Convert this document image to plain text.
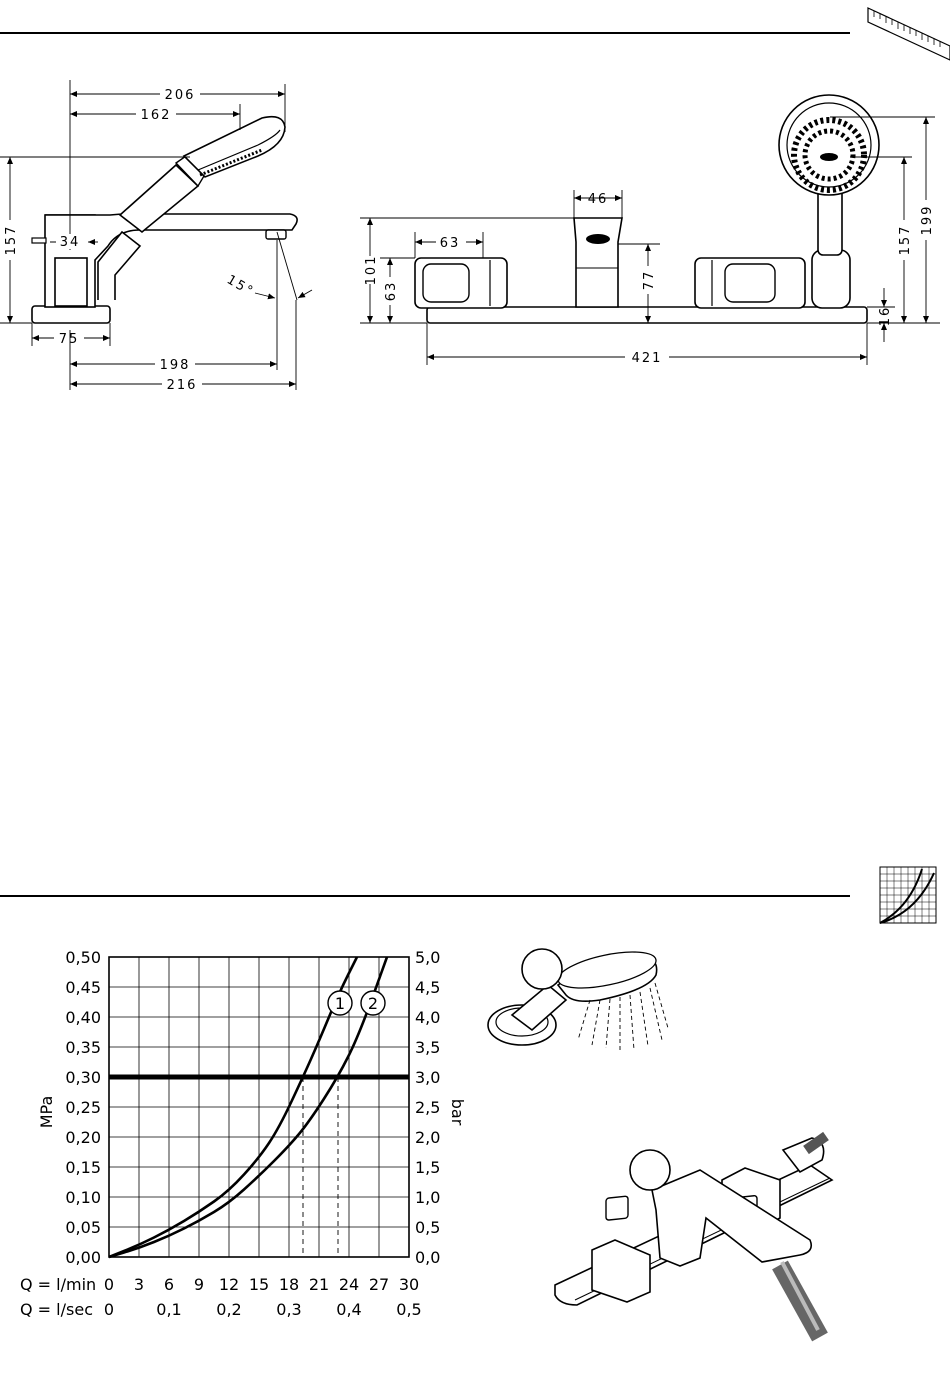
206
162
157	34
15°
75
198
216
46
63
101
63
77
157
199
16
421
0,00
0,05
0,10
0,15
0,20
0,25
0,30
0,35
0,40
0,45
0,50
0,0
0,5
1,0
1,5
2,0
2,5
3,0
3,5
4,0
4,5
5,0
0 3 6 9 12 15 18 21 24 27 30
0	0,1 0,2 0,3 0,4 0,5
Q = l/min
Q = l/sec
MPa	bar
1 2
